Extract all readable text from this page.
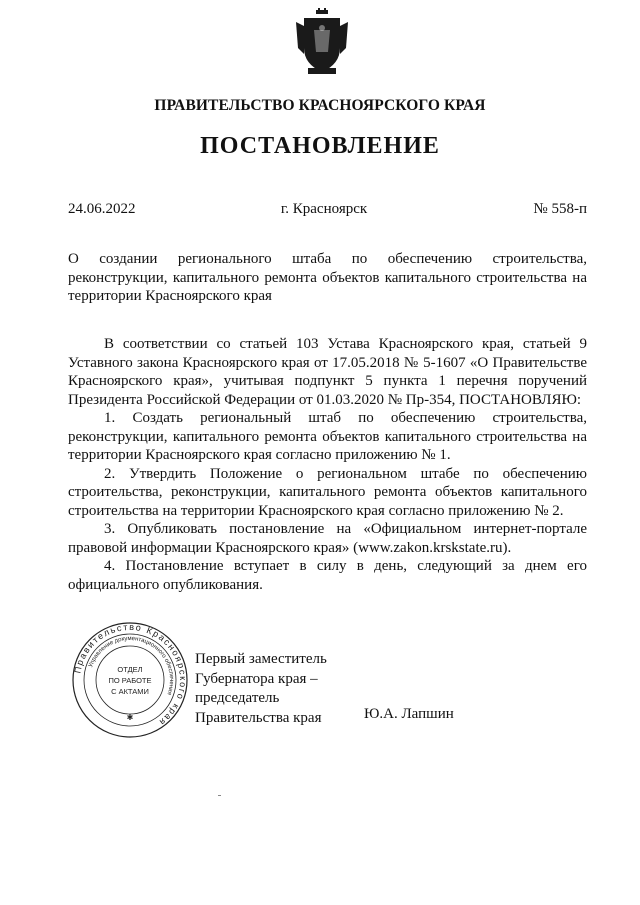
ПРАВИТЕЛЬСТВО КРАСНОЯРСКОГО КРАЯ
ПОСТАНОВЛЕНИЕ
24.06.2022	г. Красноярск	№ 558-п
О создании регионального штаба по обеспечению строительства, реконструкции, капитального ремонта объектов капитального строительства на территории Красноярского края

В соответствии со статьей 103 Устава Красноярского края, статьей 9 Уставного закона Красноярского края от 17.05.2018 № 5-1607 «О Правительстве Красноярского края», учитывая подпункт 5 пункта 1 перечня поручений Президента Российской Федерации от 01.03.2020 № Пр-354, ПОСТАНОВЛЯЮ:

1. Создать региональный штаб по обеспечению строительства, реконструкции, капитального ремонта объектов капитального строительства на территории Красноярского края согласно приложению № 1.

2. Утвердить Положение о региональном штабе по обеспечению строительства, реконструкции, капитального ремонта объектов капитального строительства на территории Красноярского края согласно приложению № 2.

3. Опубликовать постановление на «Официальном интернет-портале правовой информации Красноярского края» (www.zakon.krskstate.ru).

4. Постановление вступает в силу в день, следующий за днем его официального опубликования.

Первый заместитель
Губернатора края –
председатель
Правительства края	Ю.А. Лапшин
Правительство Красноярского края
Управление документационного обеспечения
ОТДЕЛ
ПО РАБОТЕ
С АКТАМИ
✱
